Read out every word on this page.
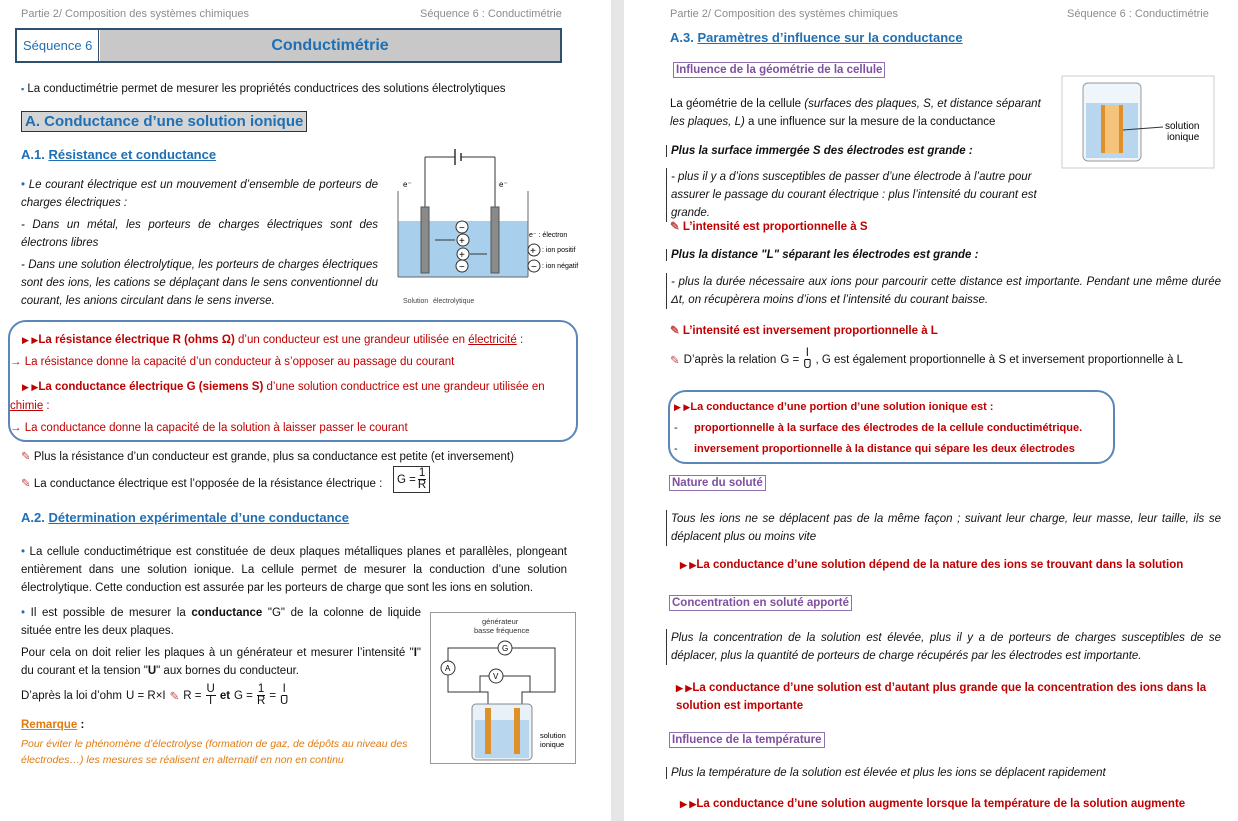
Partie 2/ Composition des systèmes chimiques	Séquence 6 : Conductimétrie
Séquence 6	Conductimétrie
▪ La conductimétrie permet de mesurer les propriétés conductrices des solutions électrolytiques
A. Conductance d’une solution ionique
A.1. Résistance et conductance
• Le courant électrique est un mouvement d’ensemble de porteurs de charges électriques :
- Dans un métal, les porteurs de charges électriques sont des électrons libres
- Dans une solution électrolytique, les porteurs de charges électriques sont des ions, les cations se déplaçant dans le sens conventionnel du courant, les anions circulant dans le sens inverse.
−
−
+
+
Solution électrolytique
e⁻	e⁻
e⁻ : électron
+ : ion positif
− : ion négatif
▶ ▶La résistance électrique R (ohms Ω) d’un conducteur est une grandeur utilisée en électricité :
→ La résistance donne la capacité d’un conducteur à s’opposer au passage du courant
▶ ▶La conductance électrique G (siemens S) d’une solution conductrice est une grandeur utilisée en
chimie :
→ La conductance donne la capacité de la solution à laisser passer le courant
✎ Plus la résistance d’un conducteur est grande, plus sa conductance est petite (et inversement)
✎ La conductance électrique est l’opposée de la résistance électrique : $G = \frac{1}{R}$
A.2. Détermination expérimentale d’une conductance
• La cellule conductimétrique est constituée de deux plaques métalliques planes et parallèles, plongeant entièrement dans une solution ionique. La cellule permet de mesurer la conduction d’une solution électrolytique. Cette conduction est assurée par les porteurs de charge que sont les ions en solution.
• Il est possible de mesurer la conductance "G" de la colonne de liquide située entre les deux plaques.
Pour cela on doit relier les plaques à un générateur et mesurer l’intensité "I" du courant et la tension "U" aux bornes du conducteur.
D’après la loi d’ohm U = R×I ✎ $R = \frac{U}{I}$ et $G = \frac{1}{R} = \frac{I}{U}$
Remarque :
Pour éviter le phénomène d’électrolyse (formation de gaz, de dépôts au niveau des électrodes…) les mesures se réalisent en alternatif en non en continu
générateur
basse fréquence
G
A
V
solution
ionique
Partie 2/ Composition des systèmes chimiques	Séquence 6 : Conductimétrie
A.3. Paramètres d’influence sur la conductance
Influence de la géométrie de la cellule
La géométrie de la cellule (surfaces des plaques, S, et distance séparant les plaques, L) a une influence sur la mesure de la conductance	solution
ionique
Plus la surface immergée S des électrodes est grande :
- plus il y a d’ions susceptibles de passer d’une électrode à l’autre pour assurer le passage du courant électrique : plus l’intensité du courant est grande.
✎ L’intensité est proportionnelle à S
Plus la distance "L" séparant les électrodes est grande :
- plus la durée nécessaire aux ions pour parcourir cette distance est importante. Pendant une même durée Δt, on récupèrera moins d’ions et l’intensité du courant baisse.
✎ L’intensité est inversement proportionnelle à L
✎ D’après la relation $G = \frac{I}{U}$ , G est également proportionnelle à S et inversement proportionnelle à L
▶ ▶La conductance d’une portion d’une solution ionique est :
- proportionnelle à la surface des électrodes de la cellule conductimétrique.
- inversement proportionnelle à la distance qui sépare les deux électrodes
Nature du soluté
Tous les ions ne se déplacent pas de la même façon ; suivant leur charge, leur masse, leur taille, ils se déplacent plus ou moins vite
▶ ▶La conductance d’une solution dépend de la nature des ions se trouvant dans la solution
Concentration en soluté apporté
Plus la concentration de la solution est élevée, plus il y a de porteurs de charges susceptibles de se déplacer, plus la quantité de porteurs de charge récupérés par les électrodes est importante.
▶ ▶La conductance d’une solution est d’autant plus grande que la concentration des ions dans la solution est importante
Influence de la température
Plus la température de la solution est élevée et plus les ions se déplacent rapidement
▶ ▶La conductance d’une solution augmente lorsque la température de la solution augmente
